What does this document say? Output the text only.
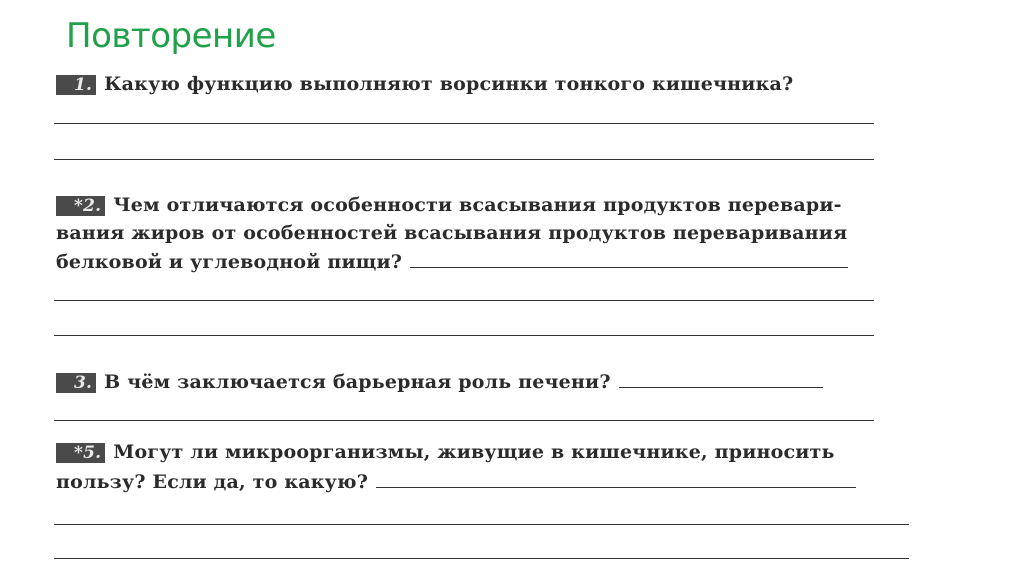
Повторение
1. Какую функцию выполняют ворсинки тонкого кишечника?
*2. Чем отличаются особенности всасывания продуктов перевари-
вания жиров от особенностей всасывания продуктов переваривания
белковой и углеводной пищи?
3. В чём заключается барьерная роль печени?
*5. Могут ли микроорганизмы, живущие в кишечнике, приносить
пользу? Если да, то какую?
